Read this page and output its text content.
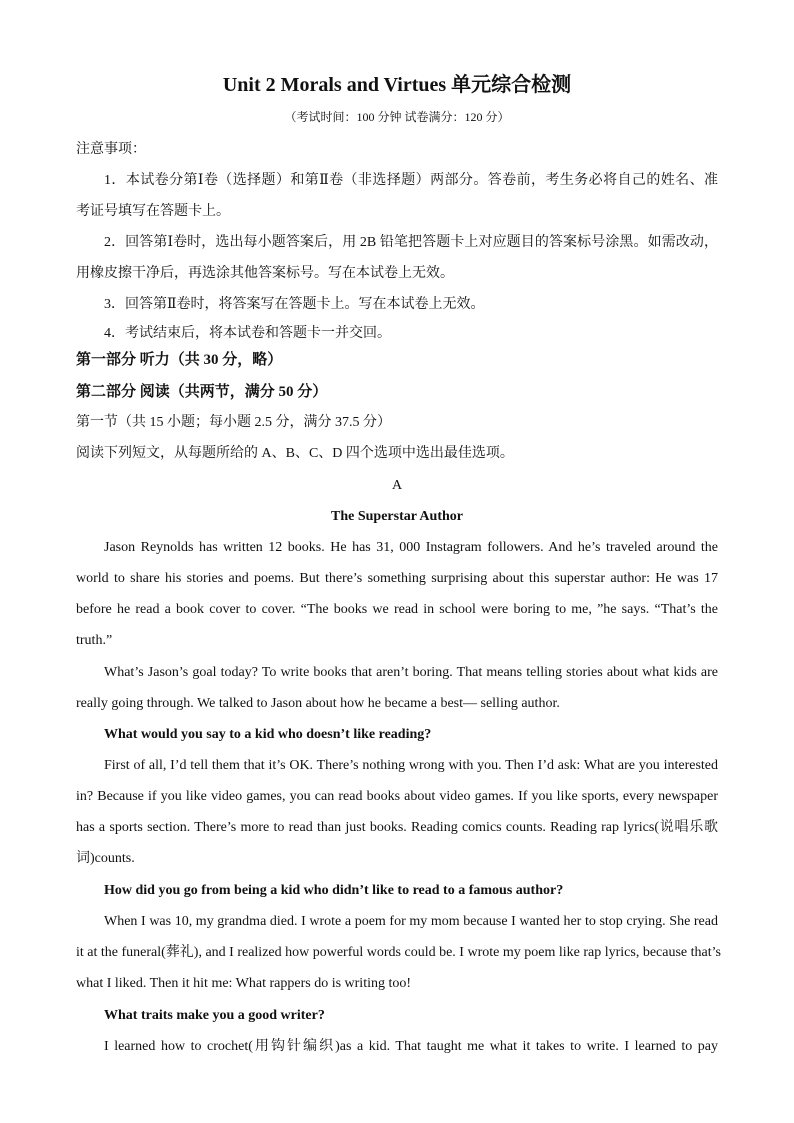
Unit 2 Morals and Virtues 单元综合检测
（考试时间：100 分钟 试卷满分：120 分）
注意事项：
1．本试卷分第Ⅰ卷（选择题）和第Ⅱ卷（非选择题）两部分。答卷前，考生务必将自己的姓名、准
考证号填写在答题卡上。
2．回答第Ⅰ卷时，选出每小题答案后，用 2B 铅笔把答题卡上对应题目的答案标号涂黑。如需改动，
用橡皮擦干净后，再选涂其他答案标号。写在本试卷上无效。
3．回答第Ⅱ卷时，将答案写在答题卡上。写在本试卷上无效。
4．考试结束后，将本试卷和答题卡一并交回。
第一部分 听力（共 30 分，略）
第二部分 阅读（共两节，满分 50 分）
第一节（共 15 小题；每小题 2.5 分，满分 37.5 分）
阅读下列短文，从每题所给的 A、B、C、D 四个选项中选出最佳选项。
A
The Superstar Author
Jason Reynolds has written 12 books. He has 31, 000 Instagram followers. And he’s traveled around the
world to share his stories and poems. But there’s something surprising about this superstar author: He was 17
before he read a book cover to cover. “The books we read in school were boring to me, ”he says. “That’s the
truth.”
What’s Jason’s goal today? To write books that aren’t boring. That means telling stories about what kids are
really going through. We talked to Jason about how he became a best— selling author.
What would you say to a kid who doesn’t like reading?
First of all, I’d tell them that it’s OK. There’s nothing wrong with you. Then I’d ask: What are you interested
in? Because if you like video games, you can read books about video games. If you like sports, every newspaper
has a sports section. There’s more to read than just books. Reading comics counts. Reading rap lyrics(说唱乐歌
词)counts.
How did you go from being a kid who didn’t like to read to a famous author?
When I was 10, my grandma died. I wrote a poem for my mom because I wanted her to stop crying. She read
it at the funeral(葬礼), and I realized how powerful words could be. I wrote my poem like rap lyrics, because that’s
what I liked. Then it hit me: What rappers do is writing too!
What traits make you a good writer?
I learned how to crochet(用钩针编织)as a kid. That taught me what it takes to write. I learned to pay
